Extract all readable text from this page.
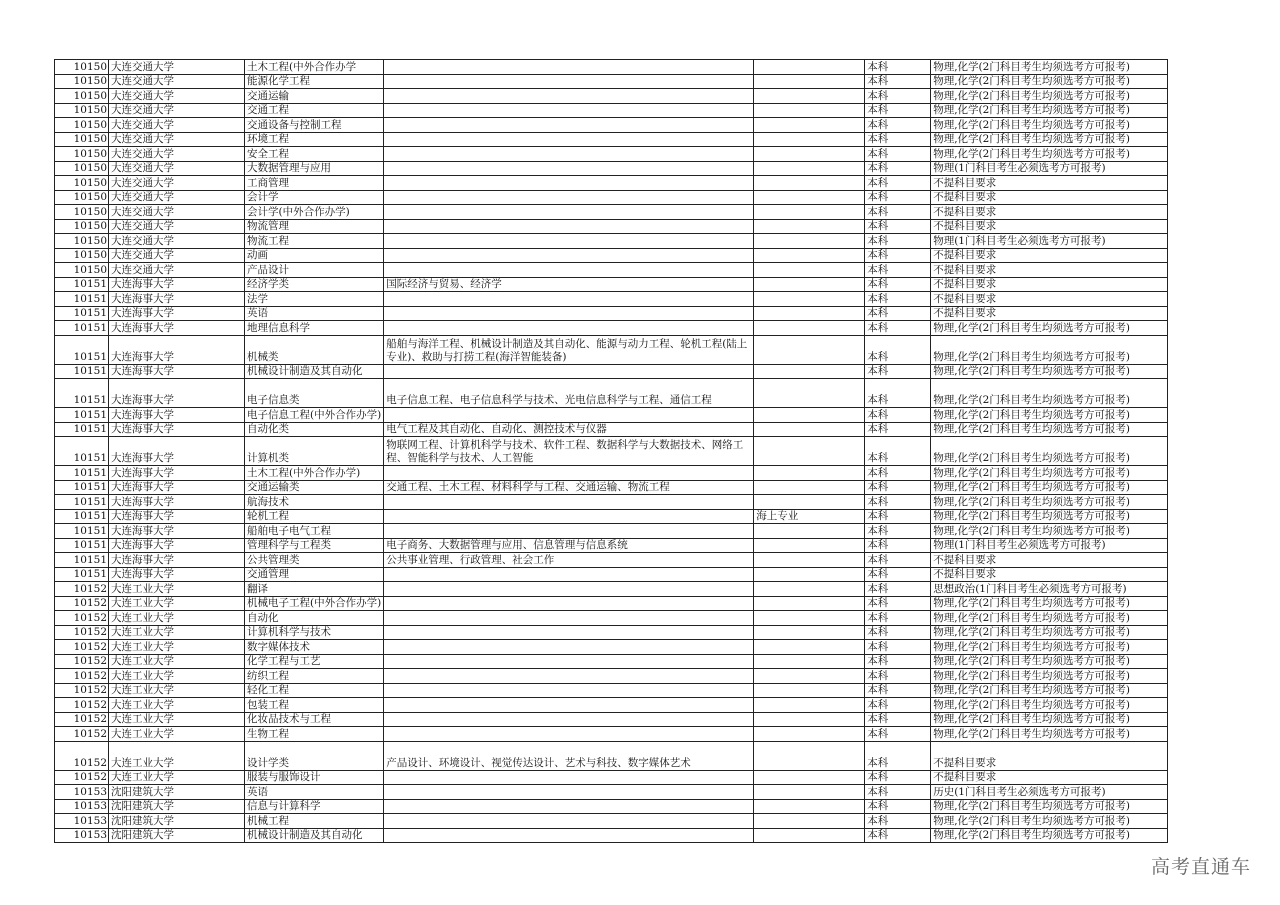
10150	大连交通大学	土木工程(中外合作办学			本科	物理,化学(2门科目考生均须选考方可报考)
10150	大连交通大学	能源化学工程			本科	物理,化学(2门科目考生均须选考方可报考)
10150	大连交通大学	交通运输			本科	物理,化学(2门科目考生均须选考方可报考)
10150	大连交通大学	交通工程			本科	物理,化学(2门科目考生均须选考方可报考)
10150	大连交通大学	交通设备与控制工程			本科	物理,化学(2门科目考生均须选考方可报考)
10150	大连交通大学	环境工程			本科	物理,化学(2门科目考生均须选考方可报考)
10150	大连交通大学	安全工程			本科	物理,化学(2门科目考生均须选考方可报考)
10150	大连交通大学	大数据管理与应用			本科	物理(1门科目考生必须选考方可报考)
10150	大连交通大学	工商管理			本科	不提科目要求
10150	大连交通大学	会计学			本科	不提科目要求
10150	大连交通大学	会计学(中外合作办学)			本科	不提科目要求
10150	大连交通大学	物流管理			本科	不提科目要求
10150	大连交通大学	物流工程			本科	物理(1门科目考生必须选考方可报考)
10150	大连交通大学	动画			本科	不提科目要求
10150	大连交通大学	产品设计			本科	不提科目要求
10151	大连海事大学	经济学类	国际经济与贸易、经济学		本科	不提科目要求
10151	大连海事大学	法学			本科	不提科目要求
10151	大连海事大学	英语			本科	不提科目要求
10151	大连海事大学	地理信息科学			本科	物理,化学(2门科目考生均须选考方可报考)
10151	大连海事大学	机械类	船舶与海洋工程、机械设计制造及其自动化、能源与动力工程、轮机工程(陆上专业)、救助与打捞工程(海洋智能装备)		本科	物理,化学(2门科目考生均须选考方可报考)
10151	大连海事大学	机械设计制造及其自动化			本科	物理,化学(2门科目考生均须选考方可报考)
10151	大连海事大学	电子信息类	电子信息工程、电子信息科学与技术、光电信息科学与工程、通信工程		本科	物理,化学(2门科目考生均须选考方可报考)
10151	大连海事大学	电子信息工程(中外合作办学)			本科	物理,化学(2门科目考生均须选考方可报考)
10151	大连海事大学	自动化类	电气工程及其自动化、自动化、测控技术与仪器		本科	物理,化学(2门科目考生均须选考方可报考)
10151	大连海事大学	计算机类	物联网工程、计算机科学与技术、软件工程、数据科学与大数据技术、网络工程、智能科学与技术、人工智能		本科	物理,化学(2门科目考生均须选考方可报考)
10151	大连海事大学	土木工程(中外合作办学)			本科	物理,化学(2门科目考生均须选考方可报考)
10151	大连海事大学	交通运输类	交通工程、土木工程、材料科学与工程、交通运输、物流工程		本科	物理,化学(2门科目考生均须选考方可报考)
10151	大连海事大学	航海技术			本科	物理,化学(2门科目考生均须选考方可报考)
10151	大连海事大学	轮机工程		海上专业	本科	物理,化学(2门科目考生均须选考方可报考)
10151	大连海事大学	船舶电子电气工程			本科	物理,化学(2门科目考生均须选考方可报考)
10151	大连海事大学	管理科学与工程类	电子商务、大数据管理与应用、信息管理与信息系统		本科	物理(1门科目考生必须选考方可报考)
10151	大连海事大学	公共管理类	公共事业管理、行政管理、社会工作		本科	不提科目要求
10151	大连海事大学	交通管理			本科	不提科目要求
10152	大连工业大学	翻译			本科	思想政治(1门科目考生必须选考方可报考)
10152	大连工业大学	机械电子工程(中外合作办学)			本科	物理,化学(2门科目考生均须选考方可报考)
10152	大连工业大学	自动化			本科	物理,化学(2门科目考生均须选考方可报考)
10152	大连工业大学	计算机科学与技术			本科	物理,化学(2门科目考生均须选考方可报考)
10152	大连工业大学	数字媒体技术			本科	物理,化学(2门科目考生均须选考方可报考)
10152	大连工业大学	化学工程与工艺			本科	物理,化学(2门科目考生均须选考方可报考)
10152	大连工业大学	纺织工程			本科	物理,化学(2门科目考生均须选考方可报考)
10152	大连工业大学	轻化工程			本科	物理,化学(2门科目考生均须选考方可报考)
10152	大连工业大学	包装工程			本科	物理,化学(2门科目考生均须选考方可报考)
10152	大连工业大学	化妆品技术与工程			本科	物理,化学(2门科目考生均须选考方可报考)
10152	大连工业大学	生物工程			本科	物理,化学(2门科目考生均须选考方可报考)
10152	大连工业大学	设计学类	产品设计、环境设计、视觉传达设计、艺术与科技、数字媒体艺术		本科	不提科目要求
10152	大连工业大学	服装与服饰设计			本科	不提科目要求
10153	沈阳建筑大学	英语			本科	历史(1门科目考生必须选考方可报考)
10153	沈阳建筑大学	信息与计算科学			本科	物理,化学(2门科目考生均须选考方可报考)
10153	沈阳建筑大学	机械工程			本科	物理,化学(2门科目考生均须选考方可报考)
10153	沈阳建筑大学	机械设计制造及其自动化			本科	物理,化学(2门科目考生均须选考方可报考)
高考直通车
